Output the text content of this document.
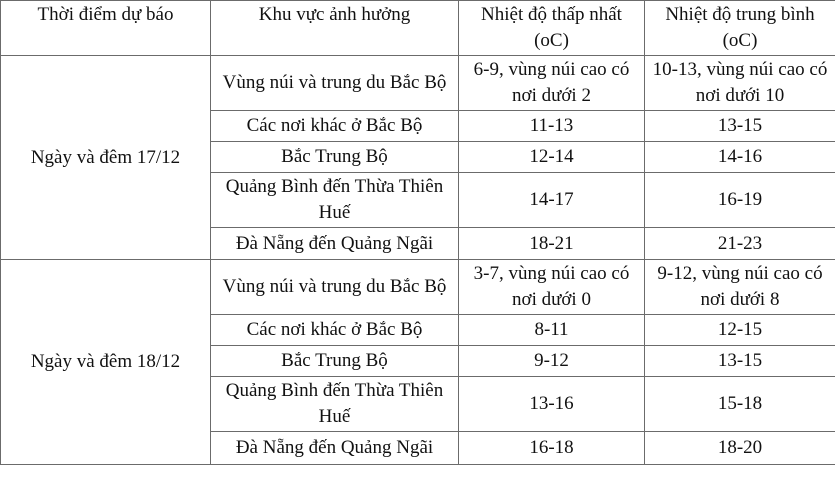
Thời điểm dự báo	Khu vực ảnh hưởng	Nhiệt độ thấp nhất (oC)	Nhiệt độ trung bình (oC)
Ngày và đêm 17/12	Vùng núi và trung du Bắc Bộ	6-9, vùng núi cao có nơi dưới 2	10-13, vùng núi cao có nơi dưới 10
	Các nơi khác ở Bắc Bộ	11-13	13-15
	Bắc Trung Bộ	12-14	14-16
	Quảng Bình đến Thừa Thiên Huế	14-17	16-19
	Đà Nẵng đến Quảng Ngãi	18-21	21-23
Ngày và đêm 18/12	Vùng núi và trung du Bắc Bộ	3-7, vùng núi cao có nơi dưới 0	9-12, vùng núi cao có nơi dưới 8
	Các nơi khác ở Bắc Bộ	8-11	12-15
	Bắc Trung Bộ	9-12	13-15
	Quảng Bình đến Thừa Thiên Huế	13-16	15-18
	Đà Nẵng đến Quảng Ngãi	16-18	18-20
